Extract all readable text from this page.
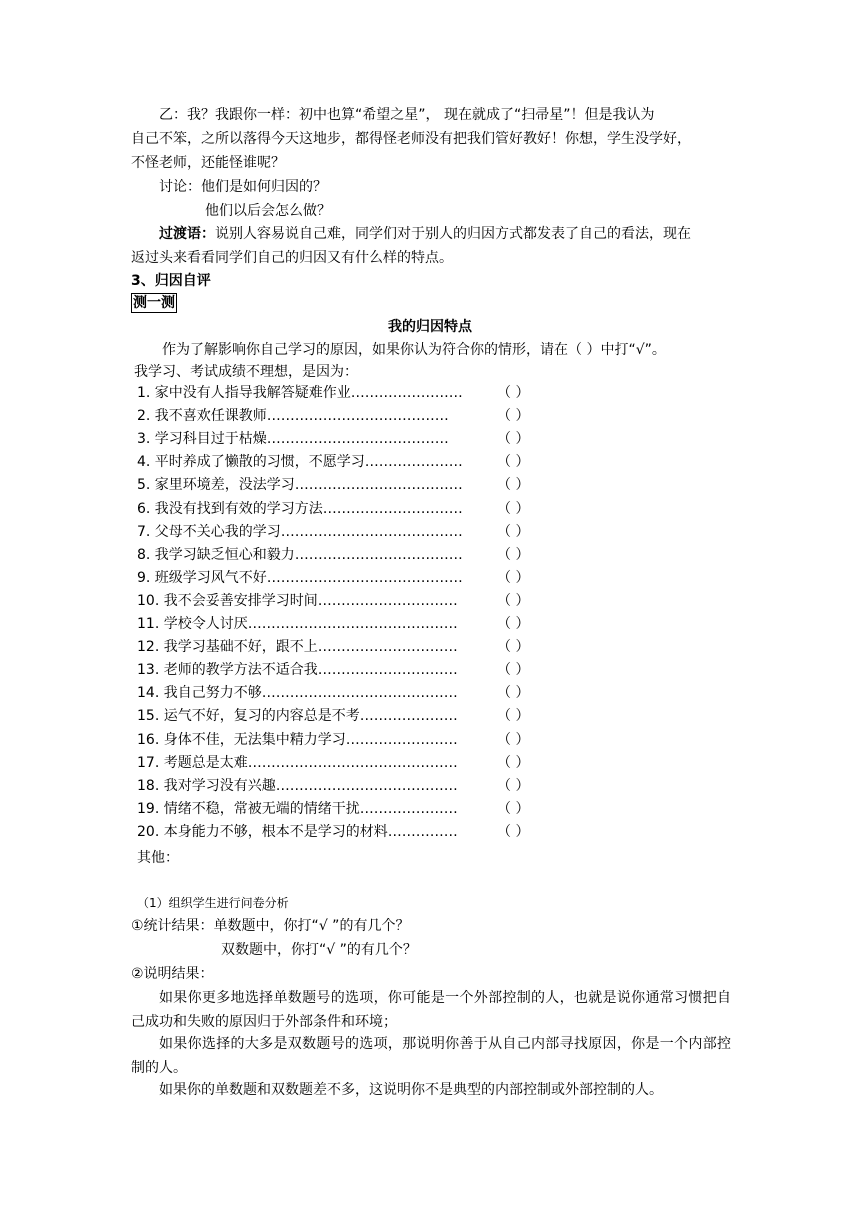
乙：我？我跟你一样：初中也算“希望之星”， 现在就成了“扫帚星”！但是我认为
自己不笨，之所以落得今天这地步，都得怪老师没有把我们管好教好！你想，学生没学好，
不怪老师，还能怪谁呢？
讨论：他们是如何归因的？
他们以后会怎么做？
过渡语：说别人容易说自己难，同学们对于别人的归因方式都发表了自己的看法，现在
返过头来看看同学们自己的归因又有什么样的特点。
3、归因自评
测一测
我的归因特点
作为了解影响你自己学习的原因，如果你认为符合你的情形，请在（ ）中打“√”。
我学习、考试成绩不理想，是因为：
1. 家中没有人指导我解答疑难作业…………………… （ ）
2. 我不喜欢任课教师…………………………………	（ ）
3. 学习科目过于枯燥…………………………………	（ ）
4. 平时养成了懒散的习惯，不愿学习………………… （ ）
5. 家里环境差，没法学习……………………………… （ ）
6. 我没有找到有效的学习方法………………………… （ ）
7. 父母不关心我的学习………………………………… （ ）
8. 我学习缺乏恒心和毅力……………………………… （ ）
9. 班级学习风气不好…………………………………… （ ）
10. 我不会妥善安排学习时间…………………………	（ ）
11. 学校令人讨厌………………………………………	（ ）
12. 我学习基础不好，跟不上…………………………	（ ）
13. 老师的教学方法不适合我…………………………	（ ）
14. 我自己努力不够……………………………………	（ ）
15. 运气不好，复习的内容总是不考…………………	（ ）
16. 身体不佳，无法集中精力学习……………………	（ ）
17. 考题总是太难………………………………………	（ ）
18. 我对学习没有兴趣…………………………………	（ ）
19. 情绪不稳，常被无端的情绪干扰…………………	（ ）
20. 本身能力不够，根本不是学习的材料……………	（ ）
其他：
（1）组织学生进行问卷分析
①统计结果：单数题中，你打“√ ”的有几个？
双数题中，你打“√ ”的有几个？
②说明结果：
如果你更多地选择单数题号的选项，你可能是一个外部控制的人，也就是说你通常习惯把自己成功和失败的原因归于外部条件和环境；
如果你选择的大多是双数题号的选项，那说明你善于从自己内部寻找原因，你是一个内部控制的人。
如果你的单数题和双数题差不多，这说明你不是典型的内部控制或外部控制的人。
